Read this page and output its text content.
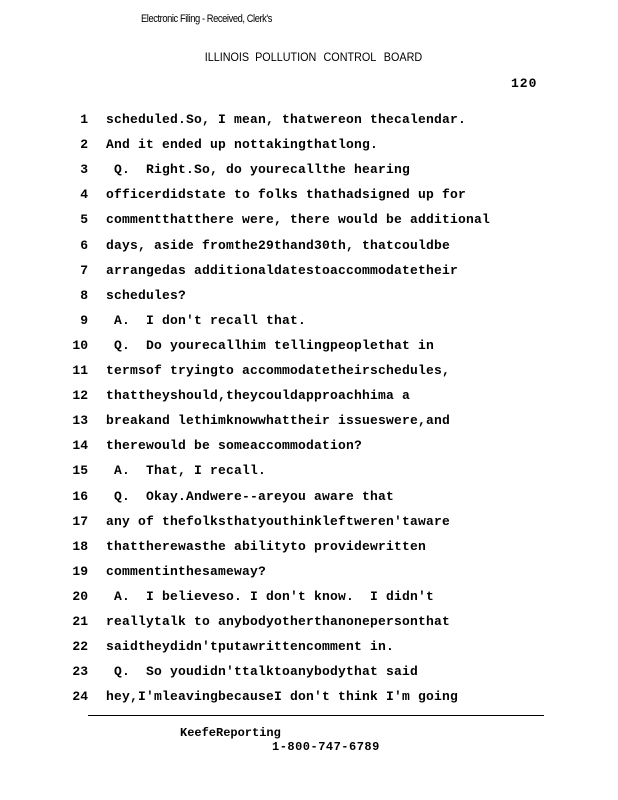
Electronic Filing - Received, Clerk's
ILLINOIS POLLUTION CONTROL BOARD
120
1 scheduled.So, I mean, thatwereon thecalendar.
2 And it ended up nottakingthatlong.
3 Q.  Right.So, do yourecallthe hearing
4 officerdidstate to folks thathadsigned up for
5 commentthatthere were, there would be additional
6 days, aside fromthe29thand30th, thatcouldbe
7 arrangedas additionaldatestoaccommodatetheir
8 schedules?
9 A.  I don't recall that.
10 Q.  Do yourecallhim tellingpeoplethat in
11 termsof tryingto accommodatetheirschedules,
12 thattheyshould,theycouldapproachhima a
13 breakand lethimknowwhattheir issueswere,and
14 therewould be someaccommodation?
15 A.  That, I recall.
16 Q.  Okay.Andwere--areyou aware that
17 any of thefolksthatyouthinkleftweren'taware
18 thattherewasthe abilityto providewritten
19 commentinthesameway?
20 A.  I believeso. I don't know.  I didn't
21 reallytalk to anybodyotherthanonepersonthat
22 saidtheydidn'tputawrittencomment in.
23 Q.  So youdidn'ttalktoanybodythat said
24 hey,I'mleavingbecauseI don't think I'm going
KeefeReporting
1-800-747-6789
